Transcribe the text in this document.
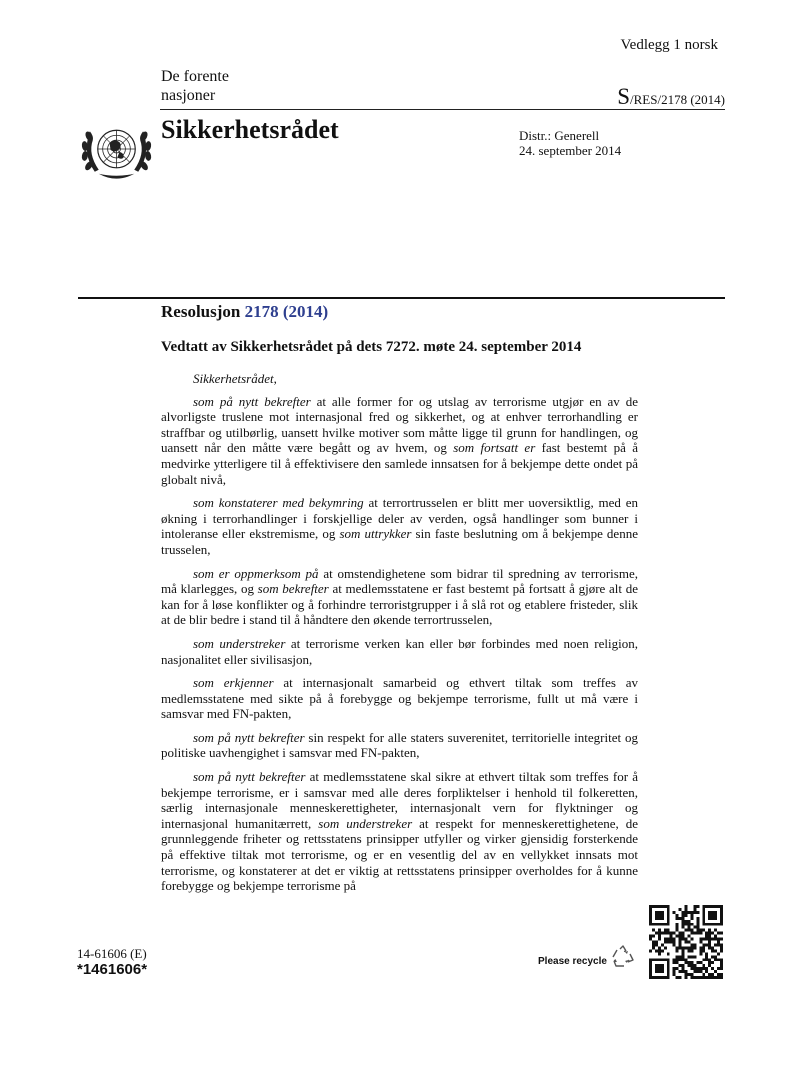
Vedlegg 1 norsk
De forente
nasjoner	S/RES/2178 (2014)
Sikkerhetsrådet	Distr.: Generell
24. september 2014
Resolusjon 2178 (2014)
Vedtatt av Sikkerhetsrådet på dets 7272. møte 24. september 2014

Sikkerhetsrådet,

som på nytt bekrefter at alle former for og utslag av terrorisme utgjør en av de alvorligste truslene mot internasjonal fred og sikkerhet, og at enhver terrorhandling er straffbar og utilbørlig, uansett hvilke motiver som måtte ligge til grunn for handlingen, og uansett når den måtte være begått og av hvem, og som fortsatt er fast bestemt på å medvirke ytterligere til å effektivisere den samlede innsatsen for å bekjempe dette ondet på globalt nivå,

som konstaterer med bekymring at terrortrusselen er blitt mer uoversiktlig, med en økning i terrorhandlinger i forskjellige deler av verden, også handlinger som bunner i intoleranse eller ekstremisme, og som uttrykker sin faste beslutning om å bekjempe denne trusselen,

som er oppmerksom på at omstendighetene som bidrar til spredning av terrorisme, må klarlegges, og som bekrefter at medlemsstatene er fast bestemt på fortsatt å gjøre alt de kan for å løse konflikter og å forhindre terroristgrupper i å slå rot og etablere fristeder, slik at de blir bedre i stand til å håndtere den økende terrortrusselen,

som understreker at terrorisme verken kan eller bør forbindes med noen religion, nasjonalitet eller sivilisasjon,

som erkjenner at internasjonalt samarbeid og ethvert tiltak som treffes av medlemsstatene med sikte på å forebygge og bekjempe terrorisme, fullt ut må være i samsvar med FN-pakten,

som på nytt bekrefter sin respekt for alle staters suverenitet, territorielle integritet og politiske uavhengighet i samsvar med FN-pakten,

som på nytt bekrefter at medlemsstatene skal sikre at ethvert tiltak som treffes for å bekjempe terrorisme, er i samsvar med alle deres forpliktelser i henhold til folkeretten, særlig internasjonale menneskerettigheter, internasjonalt vern for flyktninger og internasjonal humanitærrett, som understreker at respekt for menneskerettighetene, de grunnleggende friheter og rettsstatens prinsipper utfyller og virker gjensidig forsterkende på effektive tiltak mot terrorisme, og er en vesentlig del av en vellykket innsats mot terrorisme, og konstaterer at det er viktig at rettsstatens prinsipper overholdes for å kunne forebygge og bekjempe terrorisme på

14-61606 (E)
*1461606*	Please recycle
